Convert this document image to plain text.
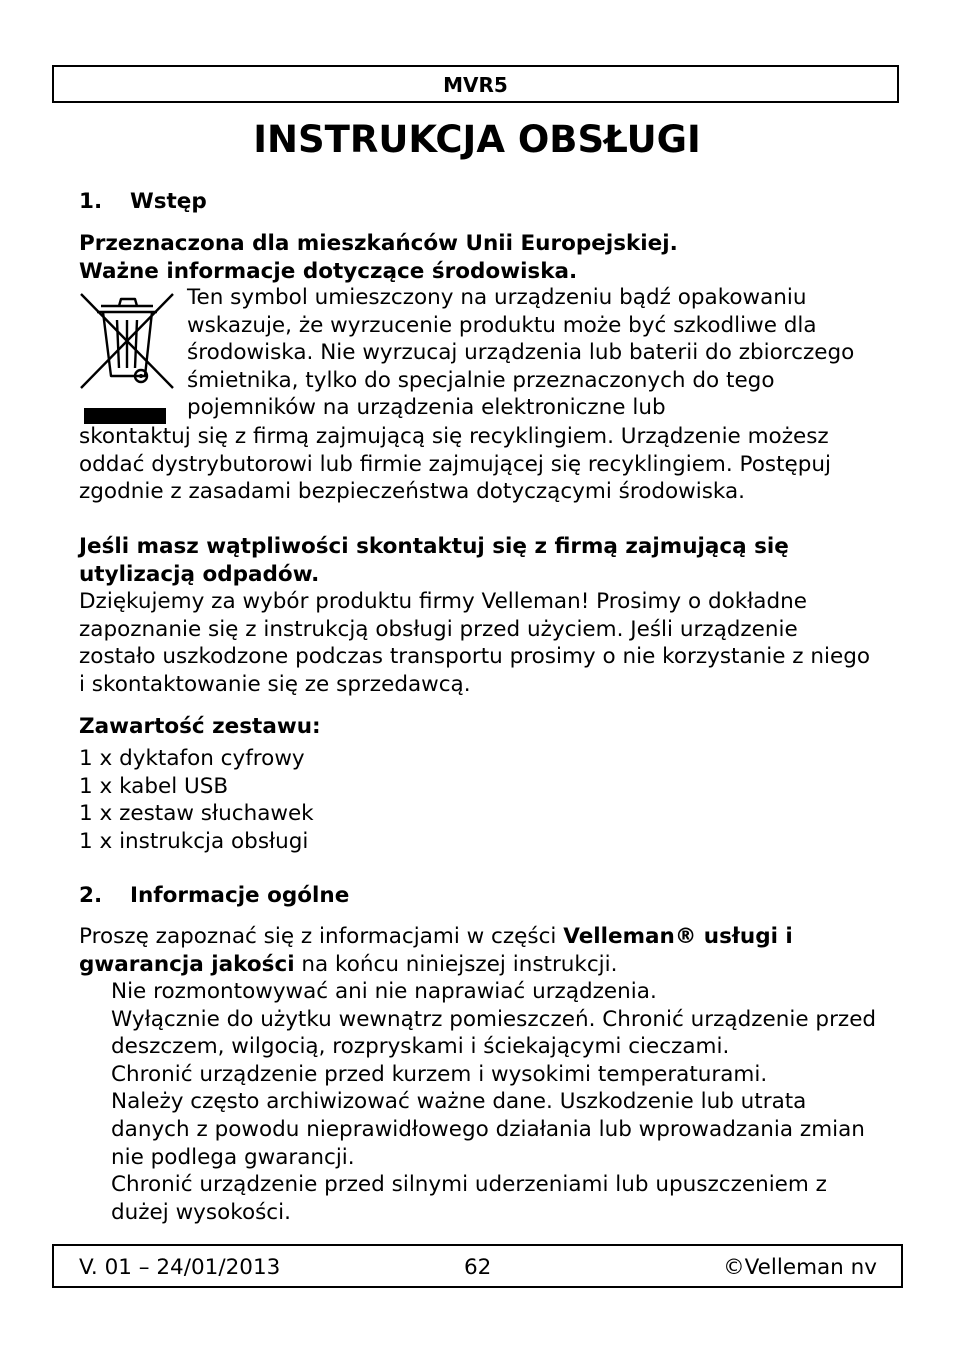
MVR5
INSTRUKCJA OBSŁUGI
1. Wstęp
Przeznaczona dla mieszkańców Unii Europejskiej.
Ważne informacje dotyczące środowiska.

Ten symbol umieszczony na urządzeniu bądź opakowaniu wskazuje, że wyrzucenie produktu może być szkodliwe dla środowiska. Nie wyrzucaj urządzenia lub baterii do zbiorczego śmietnika, tylko do specjalnie przeznaczonych do tego pojemników na urządzenia elektroniczne lub

skontaktuj się z firmą zajmującą się recyklingiem. Urządzenie możesz oddać dystrybutorowi lub firmie zajmującej się recyklingiem. Postępuj zgodnie z zasadami bezpieczeństwa dotyczącymi środowiska.

Jeśli masz wątpliwości skontaktuj się z firmą zajmującą się utylizacją odpadów.

Dziękujemy za wybór produktu firmy Velleman! Prosimy o dokładne zapoznanie się z instrukcją obsługi przed użyciem. Jeśli urządzenie zostało uszkodzone podczas transportu prosimy o nie korzystanie z niego i skontaktowanie się ze sprzedawcą.

Zawartość zestawu:

1 x dyktafon cyfrowy
1 x kabel USB
1 x zestaw słuchawek
1 x instrukcja obsługi
2. Informacje ogólne

Proszę zapoznać się z informacjami w części Velleman® usługi i gwarancja jakości na końcu niniejszej instrukcji.

Nie rozmontowywać ani nie naprawiać urządzenia.
Wyłącznie do użytku wewnątrz pomieszczeń. Chronić urządzenie przed deszczem, wilgocią, rozpryskami i ściekającymi cieczami.
Chronić urządzenie przed kurzem i wysokimi temperaturami.
Należy często archiwizować ważne dane. Uszkodzenie lub utrata danych z powodu nieprawidłowego działania lub wprowadzania zmian nie podlega gwarancji.
Chronić urządzenie przed silnymi uderzeniami lub upuszczeniem z dużej wysokości.
V. 01 – 24/01/2013	62	©Velleman nv
